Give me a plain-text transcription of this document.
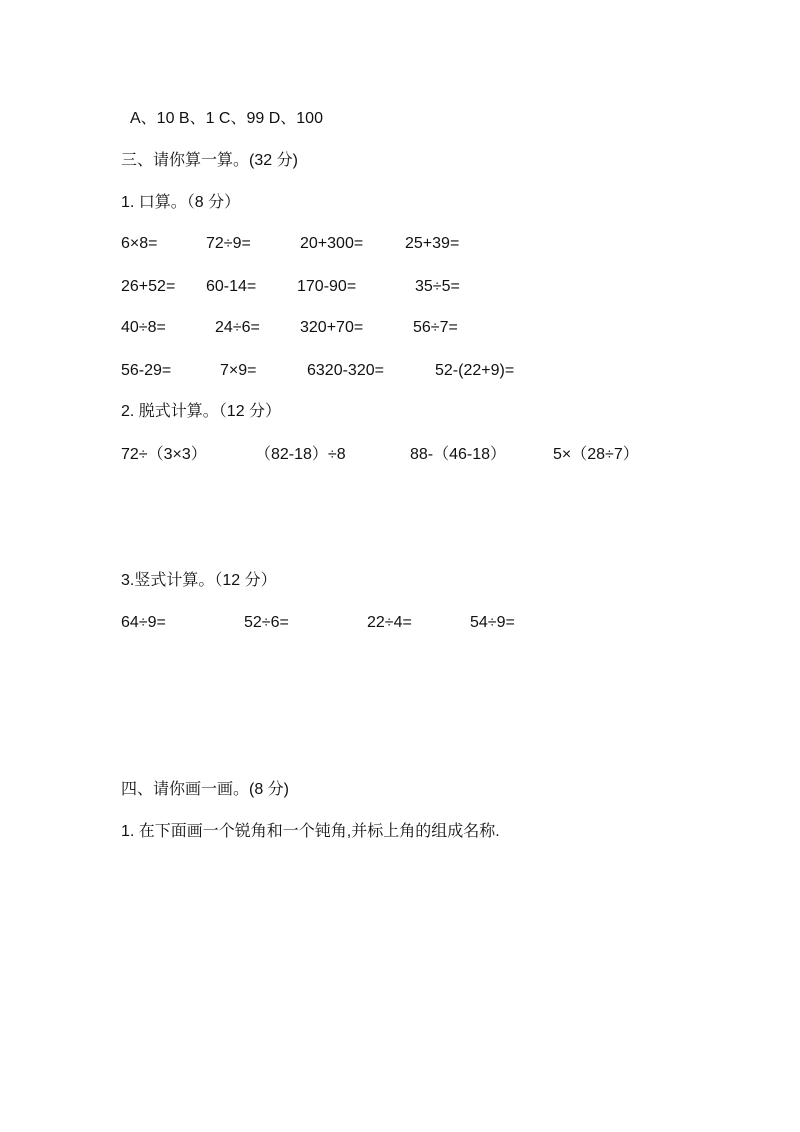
A、10 B、1 C、99 D、100
三、请你算一算。(32 分)
1. 口算。（8 分）
6×8=	72÷9=	20+300=	25+39=
26+52= 60-14=	170-90=	35÷5=
40÷8=	24÷6=	320+70=	56÷7=
56-29=	7×9=	6320-320=	52-(22+9)=
2. 脱式计算。（12 分）
72÷（3×3）	（82-18）÷8	88-（46-18）	5×（28÷7）
3.竖式计算。（12 分）
64÷9=	52÷6=	22÷4=	54÷9=
四、请你画一画。(8 分)
1. 在下面画一个锐角和一个钝角,并标上角的组成名称.
